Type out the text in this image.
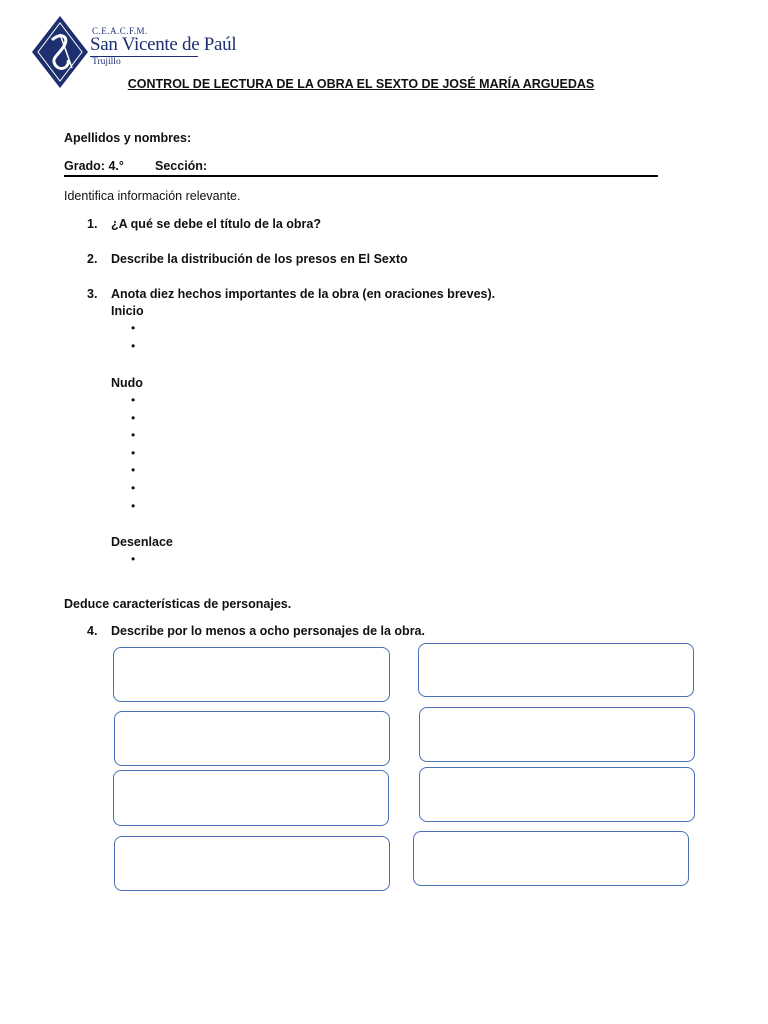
C.E.A.C.F.M.
San Vicente de Paúl
Trujillo
CONTROL DE LECTURA DE LA OBRA EL SEXTO DE JOSÉ MARÍA ARGUEDAS
Apellidos y nombres:
Grado: 4.° Sección:
Identifica información relevante.
1.	¿A qué se debe el título de la obra?
2.	Describe la distribución de los presos en El Sexto
3.	Anota diez hechos importantes de la obra (en oraciones breves).
Inicio
•
•
Nudo
•
•
•
•
•
•
•
Desenlace
•
Deduce características de personajes.
4.	Describe por lo menos a ocho personajes de la obra.
